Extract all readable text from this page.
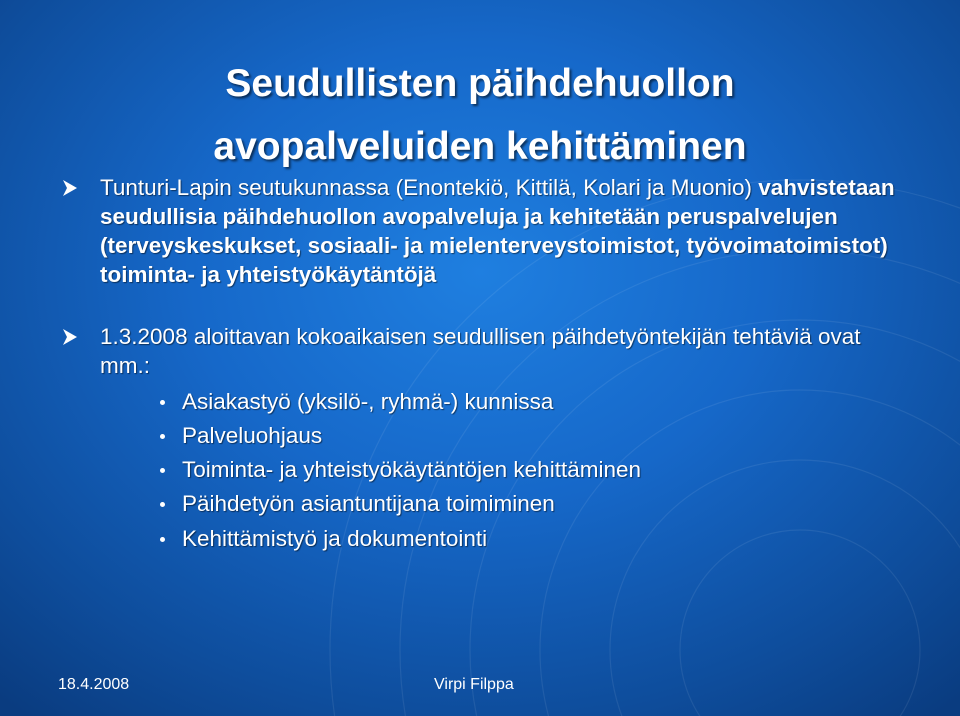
Seudullisten päihdehuollon
avopalveluiden kehittäminen
Tunturi-Lapin seutukunnassa (Enontekiö, Kittilä, Kolari ja Muonio) vahvistetaan seudullisia päihdehuollon avopalveluja ja kehitetään peruspalvelujen (terveyskeskukset, sosiaali- ja mielenterveystoimistot, työvoimatoimistot) toiminta- ja yhteistyökäytäntöjä
1.3.2008 aloittavan kokoaikaisen seudullisen päihdetyöntekijän tehtäviä ovat mm.:
Asiakastyö (yksilö-, ryhmä-) kunnissa
Palveluohjaus
Toiminta- ja yhteistyökäytäntöjen kehittäminen
Päihdetyön asiantuntijana toimiminen
Kehittämistyö ja dokumentointi
18.4.2008	Virpi Filppa
